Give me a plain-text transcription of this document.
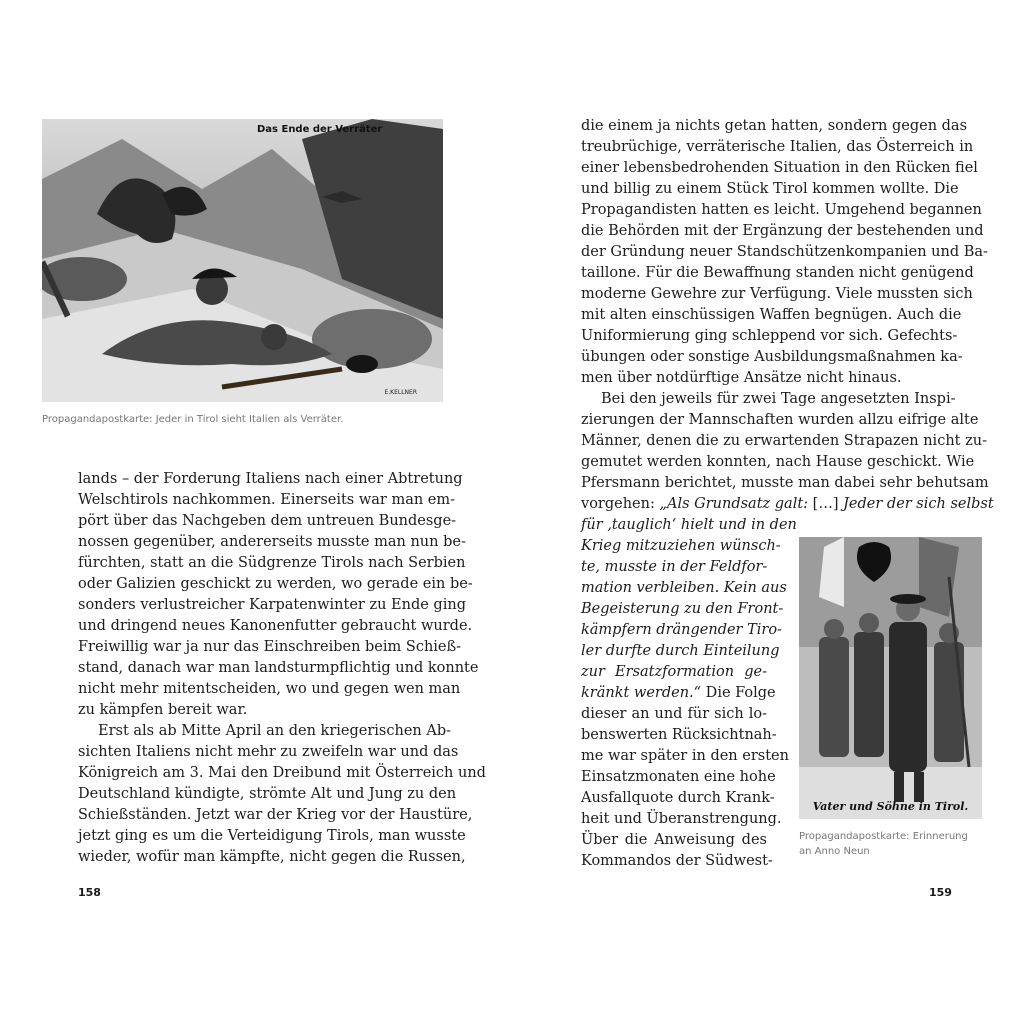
E.KELLNER
Das Ende der Verräter
Propagandapostkarte: Jeder in Tirol sieht Italien als Verräter.
lands – der Forderung Italiens nach einer Abtretung
Welschtirols nachkommen. Einerseits war man em-
pört über das Nachgeben dem untreuen Bundesge-
nossen gegenüber, andererseits musste man nun be-
fürchten, statt an die Südgrenze Tirols nach Serbien
oder Galizien geschickt zu werden, wo gerade ein be-
sonders verlustreicher Karpatenwinter zu Ende ging
und dringend neues Kanonenfutter gebraucht wurde.
Freiwillig war ja nur das Einschreiben beim Schieß-
stand, danach war man landsturmpflichtig und konnte
nicht mehr mitentscheiden, wo und gegen wen man
zu kämpfen bereit war.
Erst als ab Mitte April an den kriegerischen Ab-
sichten Italiens nicht mehr zu zweifeln war und das
Königreich am 3. Mai den Dreibund mit Österreich und
Deutschland kündigte, strömte Alt und Jung zu den
Schießständen. Jetzt war der Krieg vor der Haustüre,
jetzt ging es um die Verteidigung Tirols, man wusste
wieder, wofür man kämpfte, nicht gegen die Russen,
158
die einem ja nichts getan hatten, sondern gegen das
treubrüchige, verräterische Italien, das Österreich in
einer lebensbedrohenden Situation in den Rücken fiel
und billig zu einem Stück Tirol kommen wollte. Die
Propagandisten hatten es leicht. Umgehend begannen
die Behörden mit der Ergänzung der bestehenden und
der Gründung neuer Standschützenkompanien und Ba-
taillone. Für die Bewaffnung standen nicht genügend
moderne Gewehre zur Verfügung. Viele mussten sich
mit alten einschüssigen Waffen begnügen. Auch die
Uniformierung ging schleppend vor sich. Gefechts-
übungen oder sonstige Ausbildungsmaßnahmen ka-
men über notdürftige Ansätze nicht hinaus.
Bei den jeweils für zwei Tage angesetzten Inspi-
zierungen der Mannschaften wurden allzu eifrige alte
Männer, denen die zu erwartenden Strapazen nicht zu-
gemutet werden konnten, nach Hause geschickt. Wie
Pfersmann berichtet, musste man dabei sehr behutsam
vorgehen: „Als Grundsatz galt: […] Jeder der sich selbst
für ‚tauglich‘ hielt und in den
Krieg mitzuziehen wünsch-
te, musste in der Feldfor-
mation verbleiben. Kein aus
Begeisterung zu den Front-
kämpfern drängender Tiro-
ler durfte durch Einteilung
zur Ersatzformation ge-
kränkt werden.“ Die Folge
dieser an und für sich lo-
benswerten Rücksichtnah-
me war später in den ersten
Einsatzmonaten eine hohe
Ausfallquote durch Krank-
heit und Überanstrengung.
Über die Anweisung des
Kommandos der Südwest-
Vater und Söhne in Tirol.
Propagandapostkarte: Erinnerung an Anno Neun
159
